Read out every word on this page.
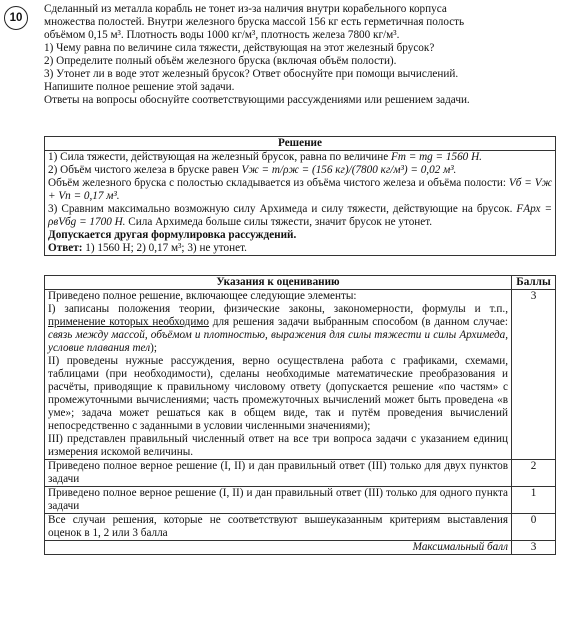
10
Сделанный из металла корабль не тонет из-за наличия внутри корабельного корпуса
множества полостей. Внутри железного бруска массой 156 кг есть герметичная полость
объёмом 0,15 м³. Плотность воды 1000 кг/м³, плотность железа 7800 кг/м³.
1) Чему равна по величине сила тяжести, действующая на этот железный брусок?
2) Определите полный объём железного бруска (включая объём полости).
3) Утонет ли в воде этот железный брусок? Ответ обоснуйте при помощи вычислений.
Напишите полное решение этой задачи.
Ответы на вопросы обоснуйте соответствующими рассуждениями или решением задачи.
Решение

1) Сила тяжести, действующая на железный брусок, равна по величине Fт = mg = 1560 Н.

2) Объём чистого железа в бруске равен Vж = m/ρж = (156 кг)/(7800 кг/м³) = 0,02 м³.

Объём железного бруска с полостью складывается из объёма чистого железа и объёма полости: Vб = Vж + Vп = 0,17 м³.

3) Сравним максимально возможную силу Архимеда и силу тяжести, действующие на брусок. FАрх = ρвVбg = 1700 Н. Сила Архимеда больше силы тяжести, значит брусок не утонет.

Допускается другая формулировка рассуждений.

Ответ: 1) 1560 Н; 2) 0,17 м³; 3) не утонет.

Указания к оцениванию	Баллы

Приведено полное решение, включающее следующие элементы:
I) записаны положения теории, физические законы, закономерности, формулы и т.п., применение которых необходимо для решения задачи выбранным способом (в данном случае: связь между массой, объёмом и плотностью, выражения для силы тяжести и силы Архимеда, условие плавания тел);
II) проведены нужные рассуждения, верно осуществлена работа с графиками, схемами, таблицами (при необходимости), сделаны необходимые математические преобразования и расчёты, приводящие к правильному числовому ответу (допускается решение «по частям» с промежуточными вычислениями; часть промежуточных вычислений может быть проведена «в уме»; задача может решаться как в общем виде, так и путём проведения вычислений непосредственно с заданными в условии численными значениями);
III) представлен правильный численный ответ на все три вопроса задачи с указанием единиц измерения искомой величины.	3
Приведено полное верное решение (I, II) и дан правильный ответ (III) только для двух пунктов задачи	2
Приведено полное верное решение (I, II) и дан правильный ответ (III) только для одного пункта задачи	1
Все случаи решения, которые не соответствуют вышеуказанным критериям выставления оценок в 1, 2 или 3 балла	0
Максимальный балл	3
